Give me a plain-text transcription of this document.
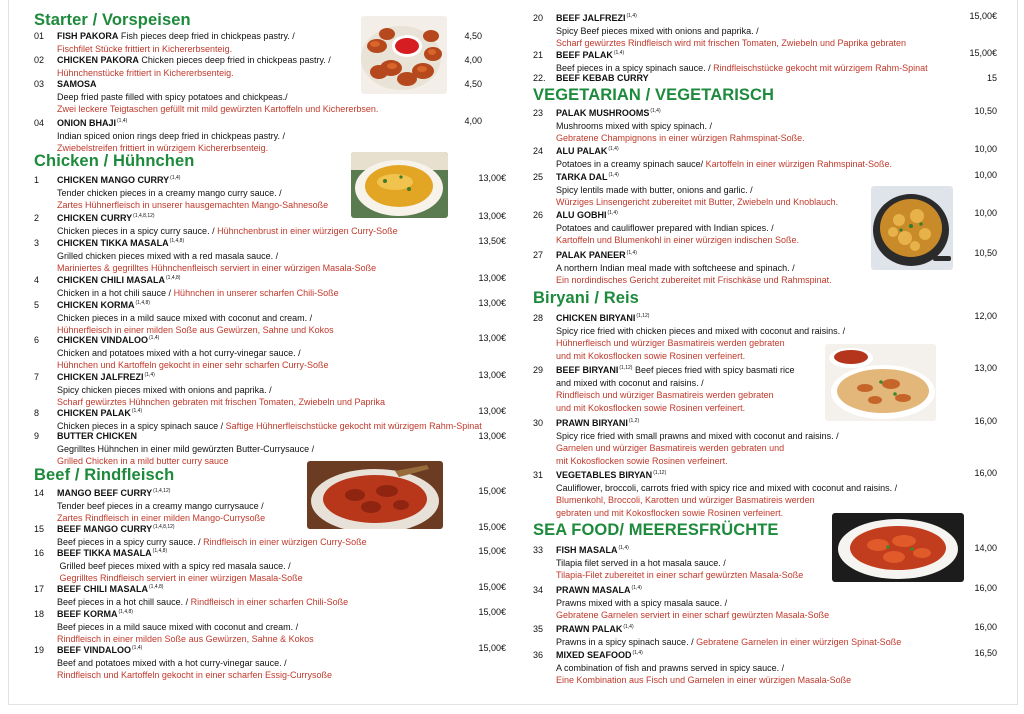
Starter / Vorspeisen
01 FISH PAKORA Fish pieces deep fried in chickpeas pastry. /	4,50
Fischfilet Stücke frittiert in Kichererbsenteig.
02 CHICKEN PAKORA Chicken pieces deep fried in chickpeas pastry. /	4,00
Hühnchenstücke frittiert in Kichererbsenteig.
03 SAMOSA	4,50
Deep fried paste filled with spicy potatoes and chickpeas./
Zwei leckere Teigtaschen gefüllt mit mild gewürzten Kartoffeln und Kichererbsen.
04 ONION BHAJI$^{(1,4)}$	4,00
Indian spiced onion rings deep fried in chickpeas pastry. /
Zwiebelstreifen frittiert in würzigem Kichererbsenteig.
Chicken / Hühnchen
1 CHICKEN MANGO CURRY$^{(1,4)}$	13,00€
Tender chicken pieces in a creamy mango curry sauce. /
Zartes Hühnerfleisch in unserer hausgemachten Mango-Sahnesoße
2 CHICKEN CURRY$^{(1,4,8,12)}$	13,00€
Chicken pieces in a spicy curry sauce. / Hühnchenbrust in einer würzigen Curry-Soße
3 CHICKEN TIKKA MASALA$^{(1,4,8)}$	13,50€
Grilled chicken pieces mixed with a red masala sauce. /
Mariniertes & gegrilltes Hühnchenfleisch serviert in einer würzigen Masala-Soße
4 CHICKEN CHILI MASALA$^{(1,4,8)}$	13,00€
Chicken in a hot chili sauce / Hühnchen in unserer scharfen Chili-Soße
5 CHICKEN KORMA$^{(1,4,8)}$	13,00€
Chicken pieces in a mild sauce mixed with coconut and cream. /
Hühnerfleisch in einer milden Soße aus Gewürzen, Sahne und Kokos
6 CHICKEN VINDALOO$^{(1,4)}$	13,00€
Chicken and potatoes mixed with a hot curry-vinegar sauce. /
Hühnchen und Kartoffeln gekocht in einer sehr scharfen Curry-Soße
7 CHICKEN JALFREZI$^{(1,4)}$	13,00€
Spicy chicken pieces mixed with onions and paprika. /
Scharf gewürztes Hühnchen gebraten mit frischen Tomaten, Zwiebeln und Paprika
8 CHICKEN PALAK$^{(1,4)}$	13,00€
Chicken pieces in a spicy spinach sauce / Saftige Hühnerfleischstücke gekocht mit würzigem Rahm-Spinat
9 BUTTER CHICKEN	13,00€
Gegrilltes Hühnchen in einer mild gewürzten Butter-Currysauce /
Grilled Chicken in a mild butter curry sauce
Beef / Rindfleisch
14 MANGO BEEF CURRY$^{(1,4,12)}$	15,00€
Tender beef pieces in a creamy mango currysauce /
Zartes Rindfleisch in einer milden Mango-Currysoße
15 BEEF MANGO CURRY$^{(1,4,8,12)}$	15,00€
Beef pieces in a spicy curry sauce. / Rindfleisch in einer würzigen Curry-Soße
16 BEEF TIKKA MASALA$^{(1,4,8)}$	15,00€
Grilled beef pieces mixed with a spicy red masala sauce. /
Gegrilltes Rindfleisch serviert in einer würzigen Masala-Soße
17 BEEF CHILI MASALA$^{(1,4,8)}$	15,00€
Beef pieces in a hot chill sauce. / Rindfleisch in einer scharfen Chili-Soße
18 BEEF KORMA$^{(1,4,8)}$	15,00€
Beef pieces in a mild sauce mixed with coconut and cream. /
Rindfleisch in einer milden Soße aus Gewürzen, Sahne & Kokos
19 BEEF VINDALOO$^{(1,4)}$	15,00€
Beef and potatoes mixed with a hot curry-vinegar sauce. /
Rindfleisch und Kartoffeln gekocht in einer scharfen Essig-Currysoße
20 BEEF JALFREZI$^{(1,4)}$	15,00€
Spicy Beef pieces mixed with onions and paprika. /
Scharf gewürztes Rindfleisch wird mit frischen Tomaten, Zwiebeln und Paprika gebraten
21 BEEF PALAK$^{(1,4)}$	15,00€
Beef pieces in a spicy spinach sauce. / Rindfleischstücke gekocht mit würzigem Rahm-Spinat
22. BEEF KEBAB CURRY	15
VEGETARIAN / VEGETARISCH
23 PALAK MUSHROOMS$^{(1,4)}$	10,50
Mushrooms mixed with spicy spinach. /
Gebratene Champignons in einer würzigen Rahmspinat-Soße.
24 ALU PALAK$^{(1,4)}$	10,00
Potatoes in a creamy spinach sauce/ Kartoffeln in einer würzigen Rahmspinat-Soße.
25 TARKA DAL$^{(1,4)}$	10,00
Spicy lentils made with butter, onions and garlic. /
Würziges Linsengericht zubereitet mit Butter, Zwiebeln und Knoblauch.
26 ALU GOBHI$^{(1,4)}$	10,00
Potatoes and cauliflower prepared with Indian spices. /
Kartoffeln und Blumenkohl in einer würzigen indischen Soße.
27 PALAK PANEER$^{(1,4)}$	10,50
A northern Indian meal made with softcheese and spinach. /
Ein nordindisches Gericht zubereitet mit Frischkäse und Rahmspinat.
Biryani / Reis
28 CHICKEN BIRYANI$^{(1,12)}$	12,00
Spicy rice fried with chicken pieces and mixed with coconut and raisins. /
Hühnerfleisch und würziger Basmatireis werden gebraten
und mit Kokosflocken sowie Rosinen verfeinert.
29 BEEF BIRYANI$^{(1,12)}$ Beef pieces fried with spicy basmati rice	13,00
and mixed with coconut and raisins. /
Rindfleisch und würziger Basmatireis werden gebraten
und mit Kokosflocken sowie Rosinen verfeinert.
30 PRAWN BIRYANI$^{(1,2)}$	16,00
Spicy rice fried with small prawns and mixed with coconut and raisins. /
Garnelen und würziger Basmatireis werden gebraten und
mit Kokosflocken sowie Rosinen verfeinert.
31 VEGETABLES BIRYAN$^{(1,12)}$	16,00
Cauliflower, broccoli, carrots fried with spicy rice and mixed with coconut and raisins. /
Blumenkohl, Broccoli, Karotten und würziger Basmatireis werden
gebraten und mit Kokosflocken sowie Rosinen verfeinert.
SEA FOOD/ MEERESFRÜCHTE
33 FISH MASALA$^{(1,4)}$	14,00
Tilapia filet served in a hot masala sauce. /
Tilapia-Filet zubereitet in einer scharf gewürzten Masala-Soße
34 PRAWN MASALA$^{(1,4)}$	16,00
Prawns mixed with a spicy masala sauce. /
Gebratene Garnelen serviert in einer scharf gewürzten Masala-Soße
35 PRAWN PALAK$^{(1,4)}$	16,00
Prawns in a spicy spinach sauce. / Gebratene Garnelen in einer würzigen Spinat-Soße
36 MIXED SEAFOOD$^{(1,4)}$	16,50
A combination of fish and prawns served in spicy sauce. /
Eine Kombination aus Fisch und Garnelen in einer würzigen Masala-Soße
